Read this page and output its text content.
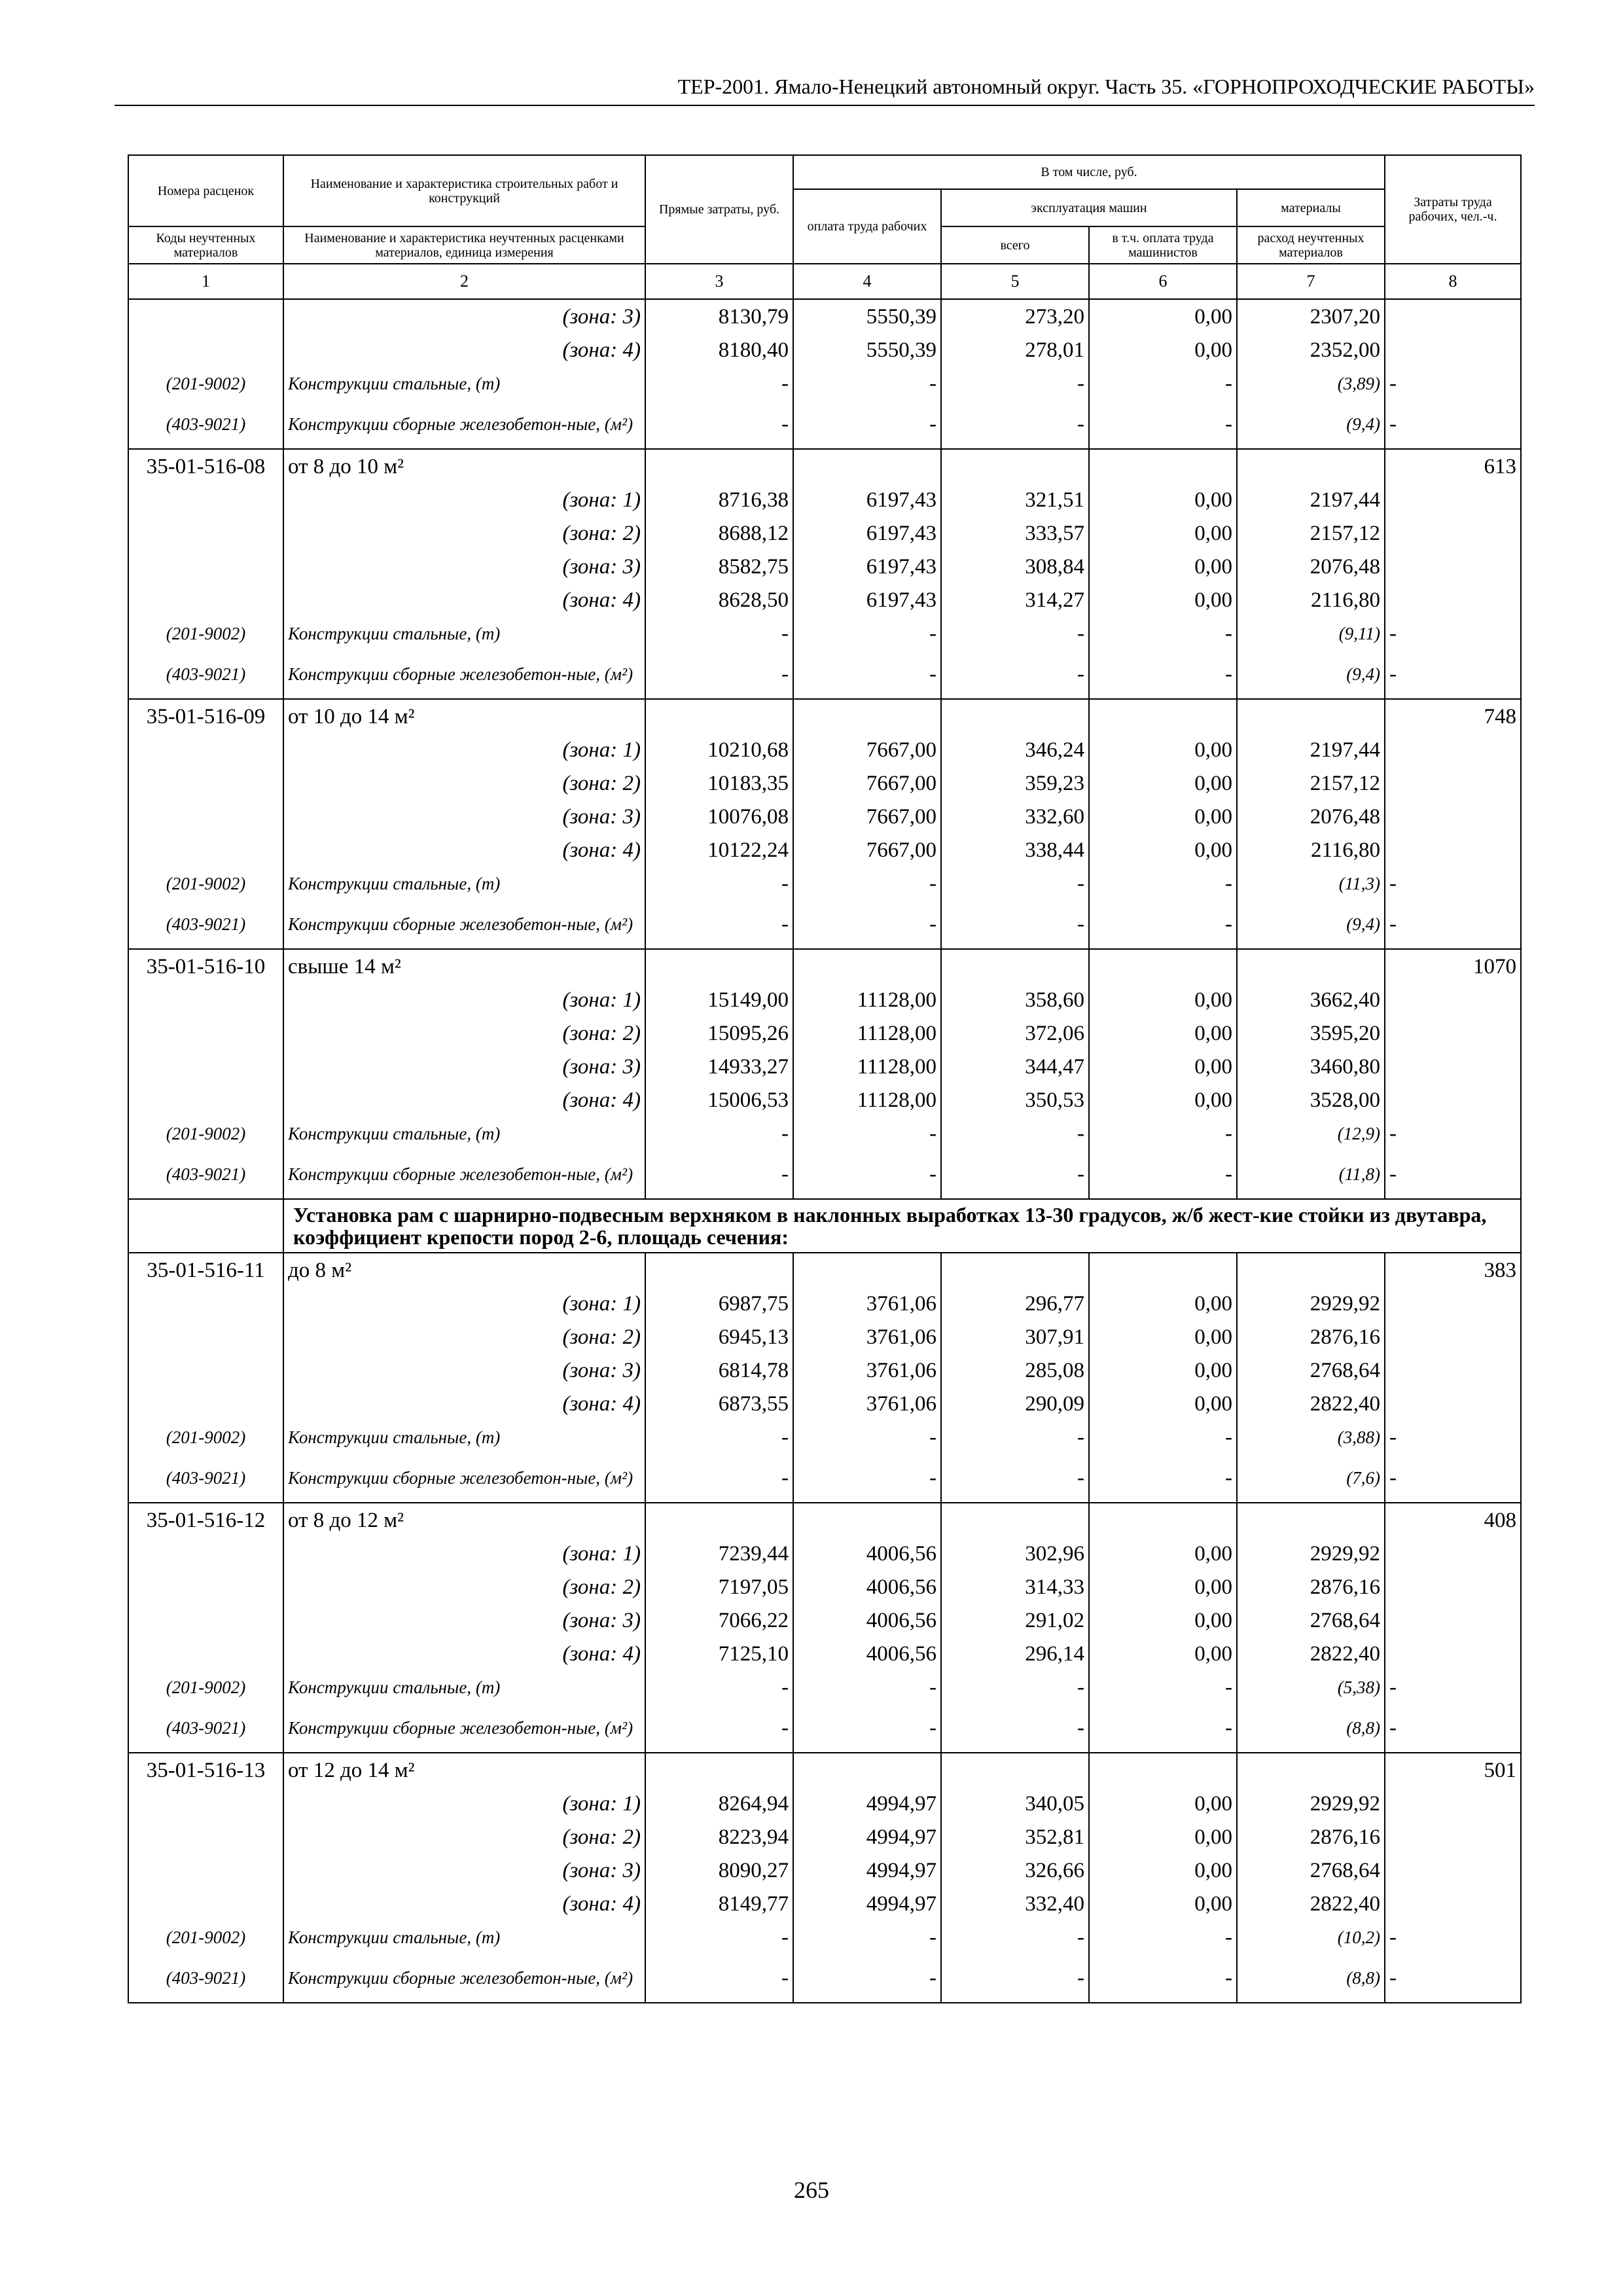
ТЕР-2001. Ямало-Ненецкий автономный округ. Часть 35. «ГОРНОПРОХОДЧЕСКИЕ РАБОТЫ»
Номера расценок	Наименование и характеристика строительных работ и конструкций	Прямые затраты, руб.	В том числе, руб.				Затраты труда рабочих, чел.-ч.
			оплата труда рабочих	эксплуатация машин		материалы	
Коды неучтенных материалов	Наименование и характеристика неучтенных расценками материалов, единица измерения			всего	в т.ч. оплата труда машинистов	расход неучтенных материалов	
1	2	3	4	5	6	7	8
	(зона: 3)	8130,79	5550,39	273,20	0,00	2307,20	
	(зона: 4)	8180,40	5550,39	278,01	0,00	2352,00	
(201-9002)	Конструкции стальные, (т)	-	-	-	-	(3,89)	-
(403-9021)	Конструкции сборные железобетон-ные, (м²)	-	-	-	-	(9,4)	-
35-01-516-08	от 8 до 10 м²						613
	(зона: 1)	8716,38	6197,43	321,51	0,00	2197,44	
	(зона: 2)	8688,12	6197,43	333,57	0,00	2157,12	
	(зона: 3)	8582,75	6197,43	308,84	0,00	2076,48	
	(зона: 4)	8628,50	6197,43	314,27	0,00	2116,80	
(201-9002)	Конструкции стальные, (т)	-	-	-	-	(9,11)	-
(403-9021)	Конструкции сборные железобетон-ные, (м²)	-	-	-	-	(9,4)	-
35-01-516-09	от 10 до 14 м²						748
	(зона: 1)	10210,68	7667,00	346,24	0,00	2197,44	
	(зона: 2)	10183,35	7667,00	359,23	0,00	2157,12	
	(зона: 3)	10076,08	7667,00	332,60	0,00	2076,48	
	(зона: 4)	10122,24	7667,00	338,44	0,00	2116,80	
(201-9002)	Конструкции стальные, (т)	-	-	-	-	(11,3)	-
(403-9021)	Конструкции сборные железобетон-ные, (м²)	-	-	-	-	(9,4)	-
35-01-516-10	свыше 14 м²						1070
	(зона: 1)	15149,00	11128,00	358,60	0,00	3662,40	
	(зона: 2)	15095,26	11128,00	372,06	0,00	3595,20	
	(зона: 3)	14933,27	11128,00	344,47	0,00	3460,80	
	(зона: 4)	15006,53	11128,00	350,53	0,00	3528,00	
(201-9002)	Конструкции стальные, (т)	-	-	-	-	(12,9)	-
(403-9021)	Конструкции сборные железобетон-ные, (м²)	-	-	-	-	(11,8)	-
	Установка рам с шарнирно-подвесным верхняком в наклонных выработках 13-30 градусов, ж/б жест-кие стойки из двутавра, коэффициент крепости пород 2-6, площадь сечения:						
35-01-516-11	до 8 м²						383
	(зона: 1)	6987,75	3761,06	296,77	0,00	2929,92	
	(зона: 2)	6945,13	3761,06	307,91	0,00	2876,16	
	(зона: 3)	6814,78	3761,06	285,08	0,00	2768,64	
	(зона: 4)	6873,55	3761,06	290,09	0,00	2822,40	
(201-9002)	Конструкции стальные, (т)	-	-	-	-	(3,88)	-
(403-9021)	Конструкции сборные железобетон-ные, (м²)	-	-	-	-	(7,6)	-
35-01-516-12	от 8 до 12 м²						408
	(зона: 1)	7239,44	4006,56	302,96	0,00	2929,92	
	(зона: 2)	7197,05	4006,56	314,33	0,00	2876,16	
	(зона: 3)	7066,22	4006,56	291,02	0,00	2768,64	
	(зона: 4)	7125,10	4006,56	296,14	0,00	2822,40	
(201-9002)	Конструкции стальные, (т)	-	-	-	-	(5,38)	-
(403-9021)	Конструкции сборные железобетон-ные, (м²)	-	-	-	-	(8,8)	-
35-01-516-13	от 12 до 14 м²						501
	(зона: 1)	8264,94	4994,97	340,05	0,00	2929,92	
	(зона: 2)	8223,94	4994,97	352,81	0,00	2876,16	
	(зона: 3)	8090,27	4994,97	326,66	0,00	2768,64	
	(зона: 4)	8149,77	4994,97	332,40	0,00	2822,40	
(201-9002)	Конструкции стальные, (т)	-	-	-	-	(10,2)	-
(403-9021)	Конструкции сборные железобетон-ные, (м²)	-	-	-	-	(8,8)	-
265
